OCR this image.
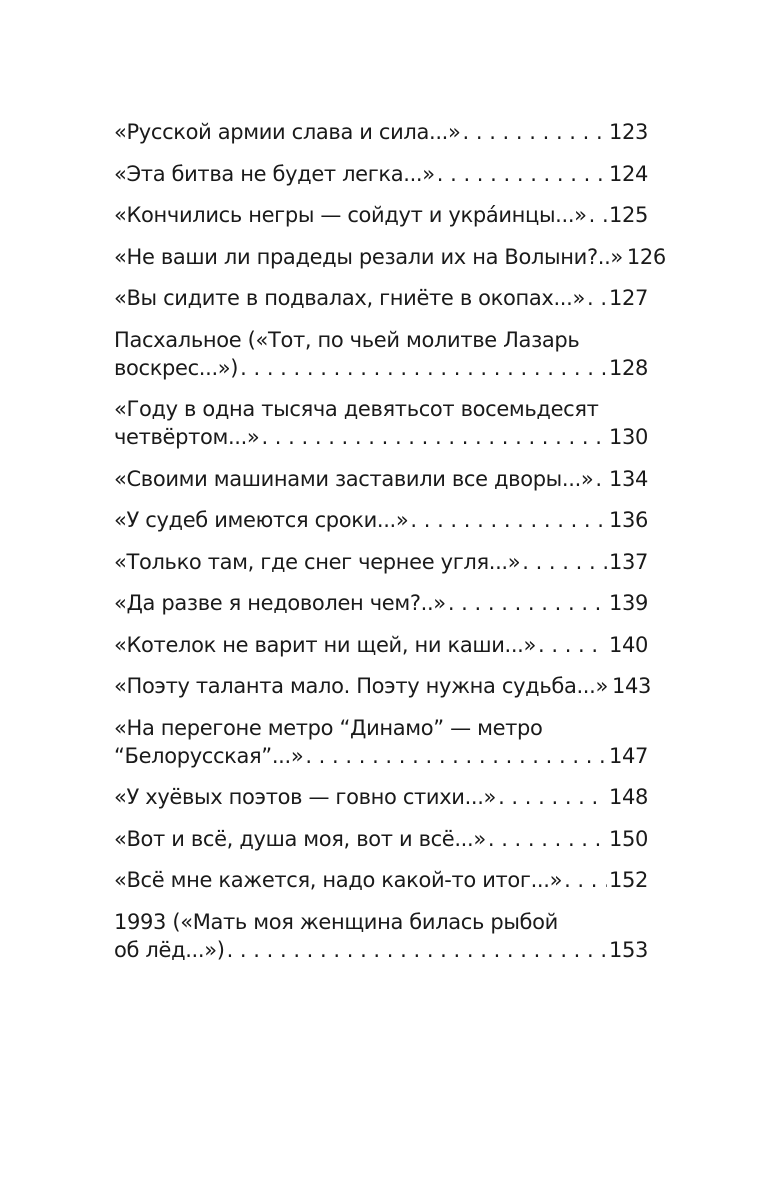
«Русской армии слава и сила...» . . .	123
«Эта битва не будет легка...» . . .	124
«Кончились негры — сойдут и укра́инцы...» . . . 125
«Не ваши ли прадеды резали их на Волыни?..» 126
«Вы сидите в подвалах, гниёте в окопах...» . . . 127
Пасхальное («Тот, по чьей молитве Лазарь
воскрес...») . . .	128
«Году в одна тысяча девятьсот восемьдесят
четвёртом...» . . .	130
«Своими машинами заставили все дворы...» . . . 134
«У судеб имеются сроки...» . . .	136
«Только там, где снег чернее угля...» . . .	137
«Да разве я недоволен чем?..» . . .	139
«Котелок не варит ни щей, ни каши...» . . .	140
«Поэту таланта мало. Поэту нужна судьба...» 143
«На перегоне метро “Динамо” — метро
“Белорусская”...» . . .	147
«У хуёвых поэтов — говно стихи...» . . .	148
«Вот и всё, душа моя, вот и всё...» . . .	150
«Всё мне кажется, надо какой-то итог...» . . . 152
1993 («Мать моя женщина билась рыбой
об лёд...») . . .	153
